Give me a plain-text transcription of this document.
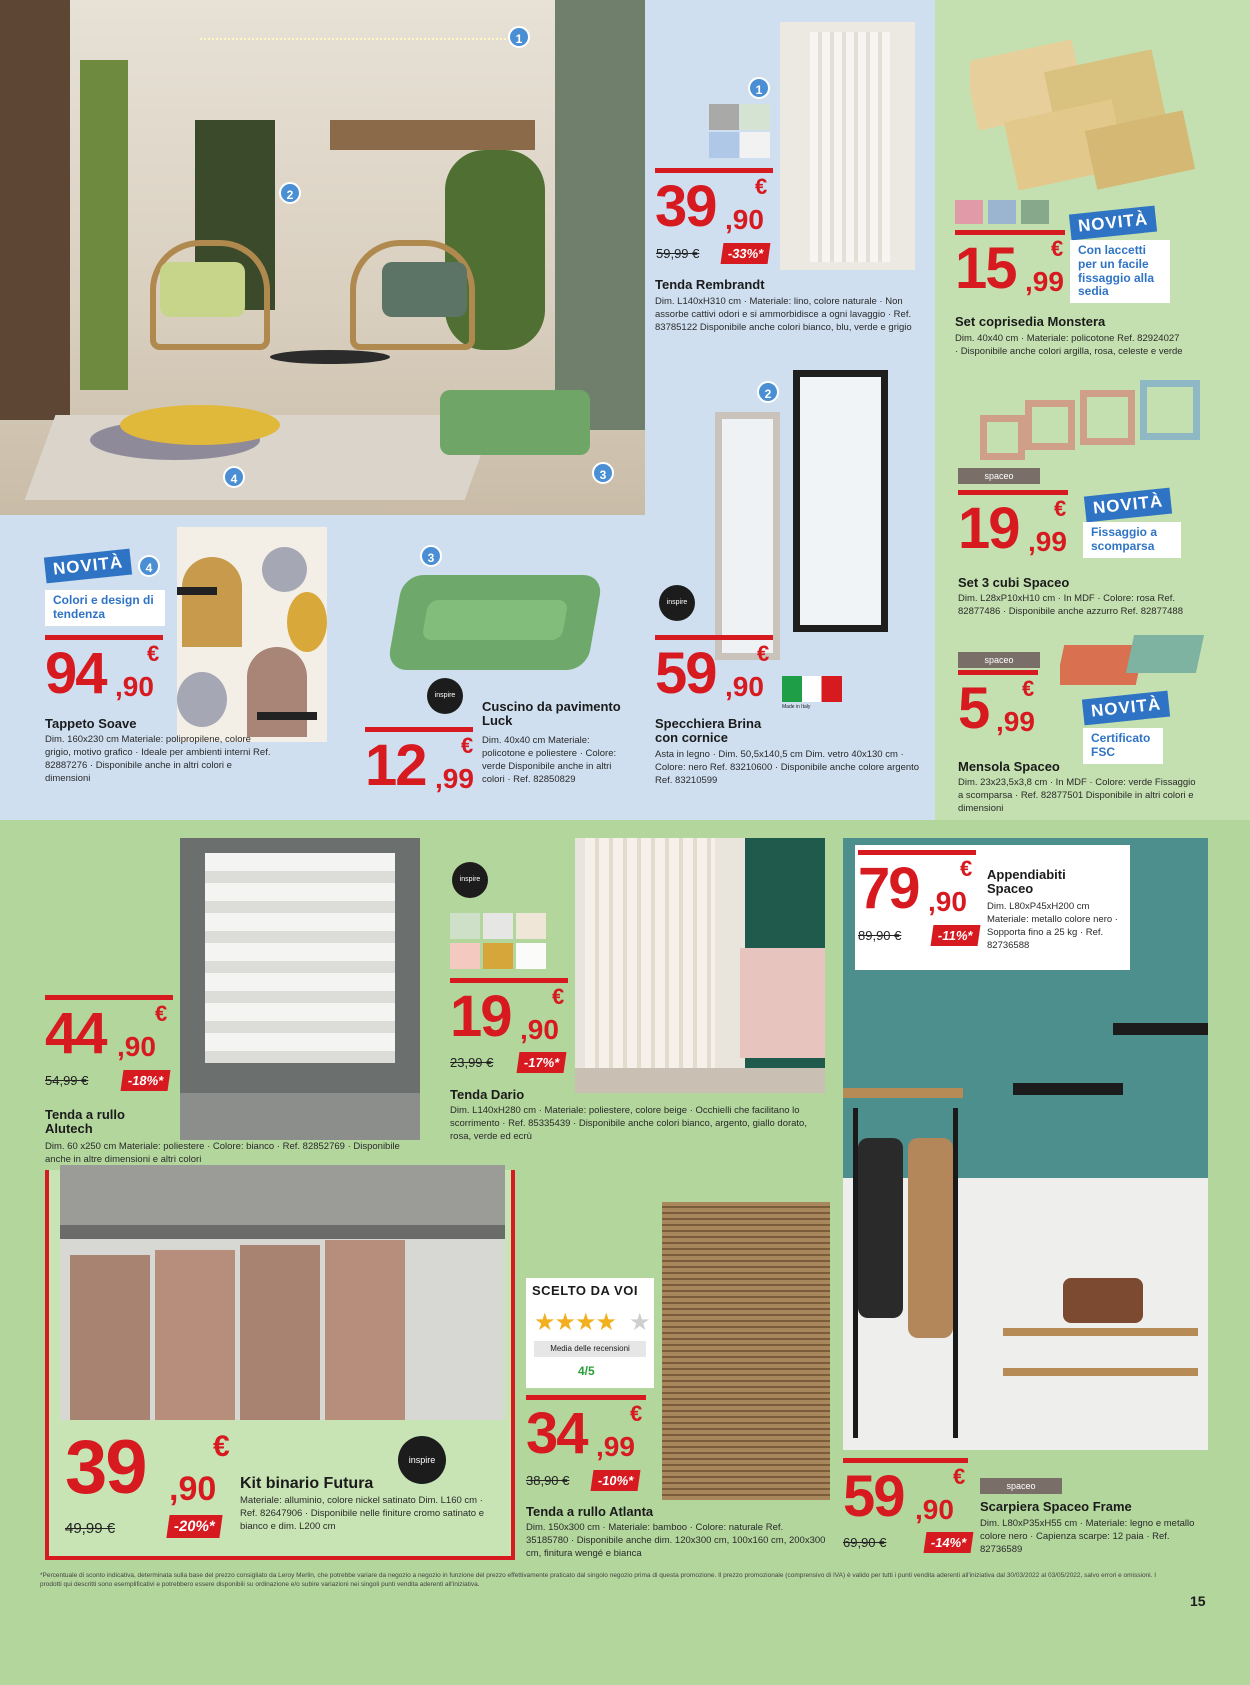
1
2
3
4
1
39 ,90
€
59,99 €	-33%*
Tenda Rembrandt
Dim. L140xH310 cm · Materiale: lino, colore naturale · Non assorbe cattivi odori e si ammorbidisce a ogni lavaggio · Ref. 83785122 Disponibile anche colori bianco, blu, verde e grigio
NOVITÀ
Con laccetti per un facile fissaggio alla sedia
15 ,99
€
Set coprisedia Monstera
Dim. 40x40 cm · Materiale: policotone Ref. 82924027 · Disponibile anche colori argilla, rosa, celeste e verde
spaceo
NOVITÀ
Fissaggio a scomparsa
19 ,99
€
Set 3 cubi Spaceo
Dim. L28xP10xH10 cm · In MDF · Colore: rosa Ref. 82877486 · Disponibile anche azzurro Ref. 82877488
spaceo
NOVITÀ
Certificato FSC
5 ,99
€
Mensola Spaceo
Dim. 23x23,5x3,8 cm · In MDF · Colore: verde Fissaggio a scomparsa · Ref. 82877501 Disponibile in altri colori e dimensioni
NOVITÀ	4
Colori e design di tendenza
94 ,90
€
Tappeto Soave
Dim. 160x230 cm Materiale: polipropilene, colore grigio, motivo grafico · Ideale per ambienti interni Ref. 82887276 · Disponibile anche in altri colori e dimensioni
3
inspire
Cuscino da pavimento Luck
12 ,99
€ Dim. 40x40 cm Materiale: policotone e poliestere · Colore: verde Disponibile anche in altri colori · Ref. 82850829
2
inspire
59 ,90
€
Made in Italy
Specchiera Brina con cornice
Asta in legno · Dim. 50,5x140,5 cm Dim. vetro 40x130 cm · Colore: nero Ref. 83210600 · Disponibile anche colore argento Ref. 83210599
44 ,90
€
54,99 €	-18%*
Tenda a rullo Alutech
Dim. 60 x250 cm Materiale: poliestere · Colore: bianco · Ref. 82852769 · Disponibile anche in altre dimensioni e altri colori
inspire
19 ,90
€
23,99 €	-17%*
Tenda Dario
Dim. L140xH280 cm · Materiale: poliestere, colore beige · Occhielli che facilitano lo scorrimento · Ref. 85335439 · Disponibile anche colori bianco, argento, giallo dorato, rosa, verde ed ecrù
79 ,90
€
89,90 €	-11%*
Appendiabiti Spaceo
Dim. L80xP45xH200 cm Materiale: metallo colore nero · Sopporta fino a 25 kg · Ref. 82736588
39 ,90
€
Kit binario Futura
inspire
49,99 €	-20%*
Materiale: alluminio, colore nickel satinato Dim. L160 cm · Ref. 82647906 · Disponibile nelle finiture cromo satinato e bianco e dim. L200 cm
SCELTO DA VOI
★★★★ ★
Media delle recensioni
4/5
34 ,99
€
38,90 €	-10%*
Tenda a rullo Atlanta
Dim. 150x300 cm · Materiale: bamboo · Colore: naturale Ref. 35185780 · Disponibile anche dim. 120x300 cm, 100x160 cm, 200x300 cm, finitura wengé e bianca
59 ,90
€
69,90 €	-14%*
spaceo
Scarpiera Spaceo Frame
Dim. L80xP35xH55 cm · Materiale: legno e metallo colore nero · Capienza scarpe: 12 paia · Ref. 82736589
*Percentuale di sconto indicativa, determinata sulla base del prezzo consigliato da Leroy Merlin, che potrebbe variare da negozio a negozio in funzione del prezzo effettivamente praticato dal singolo negozio prima di questa promozione. Il prezzo promozionale (comprensivo di IVA) è valido per tutti i punti vendita aderenti all'iniziativa dal 30/03/2022 al 03/05/2022, salvo errori e omissioni. I prodotti qui descritti sono esemplificativi e potrebbero essere disponibili su ordinazione e/o subire variazioni nei singoli punti vendita aderenti all'iniziativa.
15
